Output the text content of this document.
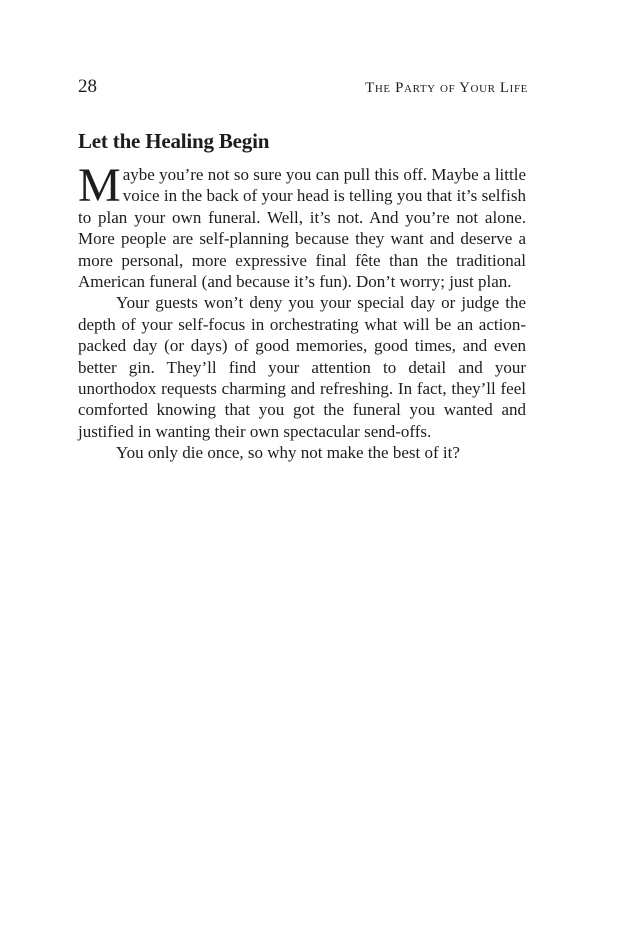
28	The Party of Your Life
Let the Healing Begin

Maybe you’re not so sure you can pull this off. Maybe a little voice in the back of your head is telling you that it’s selfish to plan your own funeral. Well, it’s not. And you’re not alone. More people are self-planning because they want and deserve a more personal, more expressive final fête than the traditional American funeral (and because it’s fun). Don’t worry; just plan.

Your guests won’t deny you your special day or judge the depth of your self-focus in orchestrating what will be an action-packed day (or days) of good memories, good times, and even better gin. They’ll find your attention to detail and your unorthodox requests charming and refreshing. In fact, they’ll feel comforted knowing that you got the funeral you wanted and justified in wanting their own spectacular send-offs.

You only die once, so why not make the best of it?
